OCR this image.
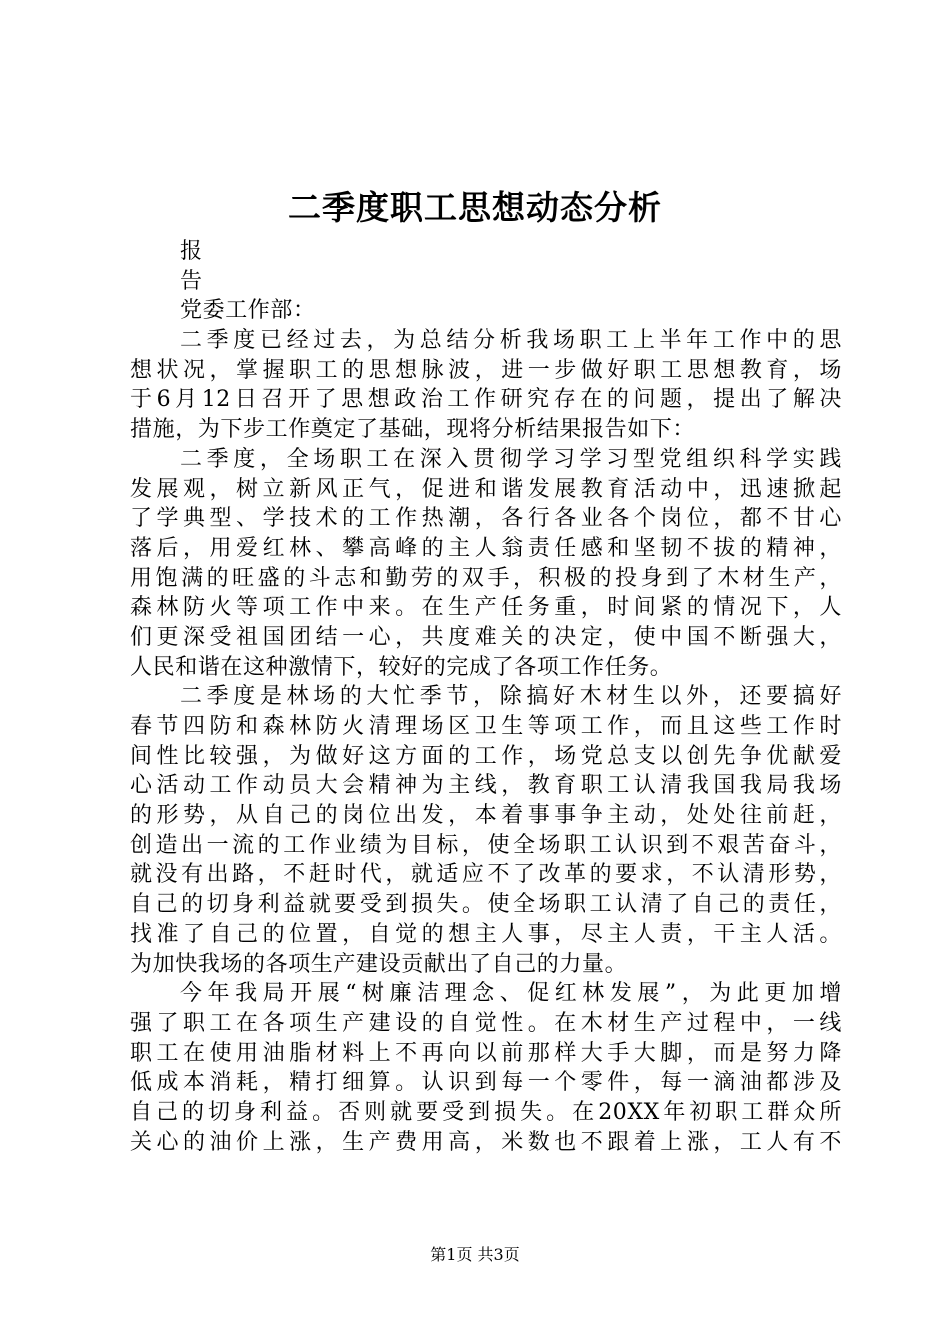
二季度职工思想动态分析
报
告
党委工作部：
二季度已经过去，为总结分析我场职工上半年工作中的思
想状况，掌握职工的思想脉波，进一步做好职工思想教育，场
于6月12日召开了思想政治工作研究存在的问题，提出了解决
措施，为下步工作奠定了基础，现将分析结果报告如下：
二季度，全场职工在深入贯彻学习学习型党组织科学实践
发展观，树立新风正气，促进和谐发展教育活动中，迅速掀起
了学典型、学技术的工作热潮，各行各业各个岗位，都不甘心
落后，用爱红林、攀高峰的主人翁责任感和坚韧不拔的精神，
用饱满的旺盛的斗志和勤劳的双手，积极的投身到了木材生产，
森林防火等项工作中来。在生产任务重，时间紧的情况下，人
们更深受祖国团结一心，共度难关的决定，使中国不断强大，
人民和谐在这种激情下，较好的完成了各项工作任务。
二季度是林场的大忙季节，除搞好木材生以外，还要搞好
春节四防和森林防火清理场区卫生等项工作，而且这些工作时
间性比较强，为做好这方面的工作，场党总支以创先争优献爱
心活动工作动员大会精神为主线，教育职工认清我国我局我场
的形势，从自己的岗位出发，本着事事争主动，处处往前赶，
创造出一流的工作业绩为目标，使全场职工认识到不艰苦奋斗，
就没有出路，不赶时代，就适应不了改革的要求，不认清形势，
自己的切身利益就要受到损失。使全场职工认清了自己的责任，
找准了自己的位置，自觉的想主人事，尽主人责，干主人活。
为加快我场的各项生产建设贡献出了自己的力量。
今年我局开展“树廉洁理念、促红林发展”，为此更加增
强了职工在各项生产建设的自觉性。在木材生产过程中，一线
职工在使用油脂材料上不再向以前那样大手大脚，而是努力降
低成本消耗，精打细算。认识到每一个零件，每一滴油都涉及
自己的切身利益。否则就要受到损失。在20XX年初职工群众所
关心的油价上涨，生产费用高，米数也不跟着上涨，工人有不
第1页 共3页
